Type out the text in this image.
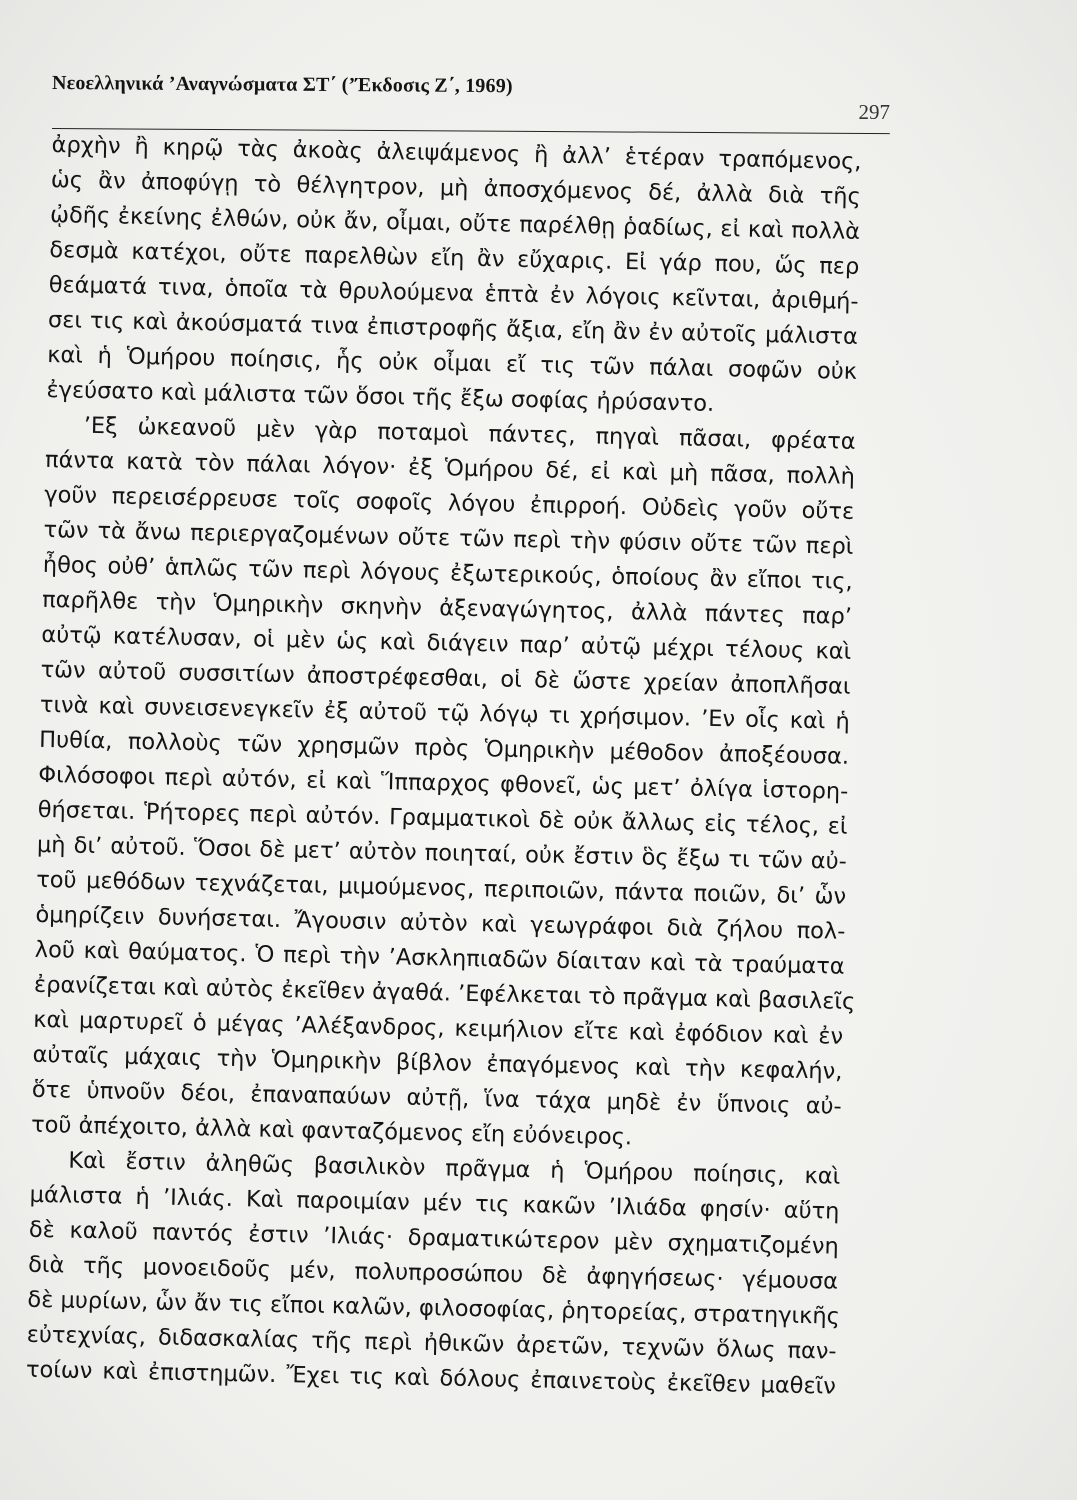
Νεοελληνικά ’Αναγνώσματα ΣΤ΄ (’Έκδοσις Ζ΄, 1969)
297
ἀρχὴν ἢ κηρῷ τὰς ἀκοὰς ἀλειψάμενος ἢ ἀλλ’ ἑτέραν τραπόμενος,
ὡς ἂν ἀποφύγῃ τὸ θέλγητρον, μὴ ἀποσχόμενος δέ, ἀλλὰ διὰ τῆς
ᾠδῆς ἐκείνης ἐλθών, οὐκ ἄν, οἶμαι, οὔτε παρέλθῃ ῥαδίως, εἰ καὶ πολλὰ
δεσμὰ κατέχοι, οὔτε παρελθὼν εἴη ἂν εὔχαρις. Εἰ γάρ που, ὥς περ
θεάματά τινα, ὁποῖα τὰ θρυλούμενα ἑπτὰ ἐν λόγοις κεῖνται, ἀριθμή-
σει τις καὶ ἀκούσματά τινα ἐπιστροφῆς ἄξια, εἴη ἂν ἐν αὐτοῖς μάλιστα
καὶ ἡ Ὁμήρου ποίησις, ἧς οὐκ οἶμαι εἴ τις τῶν πάλαι σοφῶν οὐκ
ἐγεύσατο καὶ μάλιστα τῶν ὅσοι τῆς ἔξω σοφίας ἠρύσαντο.
’Εξ ὠκεανοῦ μὲν γὰρ ποταμοὶ πάντες, πηγαὶ πᾶσαι, φρέατα
πάντα κατὰ τὸν πάλαι λόγον· ἐξ Ὁμήρου δέ, εἰ καὶ μὴ πᾶσα, πολλὴ
γοῦν περεισέρρευσε τοῖς σοφοῖς λόγου ἐπιρροή. Οὐδεὶς γοῦν οὔτε
τῶν τὰ ἄνω περιεργαζομένων οὔτε τῶν περὶ τὴν φύσιν οὔτε τῶν περὶ
ἦθος οὐθ’ ἁπλῶς τῶν περὶ λόγους ἐξωτερικούς, ὁποίους ἂν εἴποι τις,
παρῆλθε τὴν Ὁμηρικὴν σκηνὴν ἀξεναγώγητος, ἀλλὰ πάντες παρ’
αὐτῷ κατέλυσαν, οἱ μὲν ὡς καὶ διάγειν παρ’ αὐτῷ μέχρι τέλους καὶ
τῶν αὐτοῦ συσσιτίων ἀποστρέφεσθαι, οἱ δὲ ὥστε χρείαν ἀποπλῆσαι
τινὰ καὶ συνεισενεγκεῖν ἐξ αὐτοῦ τῷ λόγῳ τι χρήσιμον. ’Εν οἷς καὶ ἡ
Πυθία, πολλοὺς τῶν χρησμῶν πρὸς Ὁμηρικὴν μέθοδον ἀποξέουσα.
Φιλόσοφοι περὶ αὐτόν, εἰ καὶ Ἵππαρχος φθονεῖ, ὡς μετ’ ὀλίγα ἱστορη-
θήσεται. Ῥήτορες περὶ αὐτόν. Γραμματικοὶ δὲ οὐκ ἄλλως εἰς τέλος, εἰ
μὴ δι’ αὐτοῦ. Ὅσοι δὲ μετ’ αὐτὸν ποιηταί, οὐκ ἔστιν ὃς ἔξω τι τῶν αὐ-
τοῦ μεθόδων τεχνάζεται, μιμούμενος, περιποιῶν, πάντα ποιῶν, δι’ ὧν
ὁμηρίζειν δυνήσεται. Ἄγουσιν αὐτὸν καὶ γεωγράφοι διὰ ζήλου πολ-
λοῦ καὶ θαύματος. Ὁ περὶ τὴν ’Ασκληπιαδῶν δίαιταν καὶ τὰ τραύματα
ἐρανίζεται καὶ αὐτὸς ἐκεῖθεν ἀγαθά. ’Εφέλκεται τὸ πρᾶγμα καὶ βασιλεῖς
καὶ μαρτυρεῖ ὁ μέγας ’Αλέξανδρος, κειμήλιον εἴτε καὶ ἐφόδιον καὶ ἐν
αὐταῖς μάχαις τὴν Ὁμηρικὴν βίβλον ἐπαγόμενος καὶ τὴν κεφαλήν,
ὅτε ὑπνοῦν δέοι, ἐπαναπαύων αὐτῇ, ἵνα τάχα μηδὲ ἐν ὕπνοις αὐ-
τοῦ ἀπέχοιτο, ἀλλὰ καὶ φανταζόμενος εἴη εὐόνειρος.
Καὶ ἔστιν ἀληθῶς βασιλικὸν πρᾶγμα ἡ Ὁμήρου ποίησις, καὶ
μάλιστα ἡ ’Ιλιάς. Καὶ παροιμίαν μέν τις κακῶν ’Ιλιάδα φησίν· αὕτη
δὲ καλοῦ παντός ἐστιν ’Ιλιάς· δραματικώτερον μὲν σχηματιζομένη
διὰ τῆς μονοειδοῦς μέν, πολυπροσώπου δὲ ἀφηγήσεως· γέμουσα
δὲ μυρίων, ὧν ἄν τις εἴποι καλῶν, φιλοσοφίας, ῥητορείας, στρατηγικῆς
εὐτεχνίας, διδασκαλίας τῆς περὶ ἠθικῶν ἀρετῶν, τεχνῶν ὅλως παν-
τοίων καὶ ἐπιστημῶν. Ἔχει τις καὶ δόλους ἐπαινετοὺς ἐκεῖθεν μαθεῖν
